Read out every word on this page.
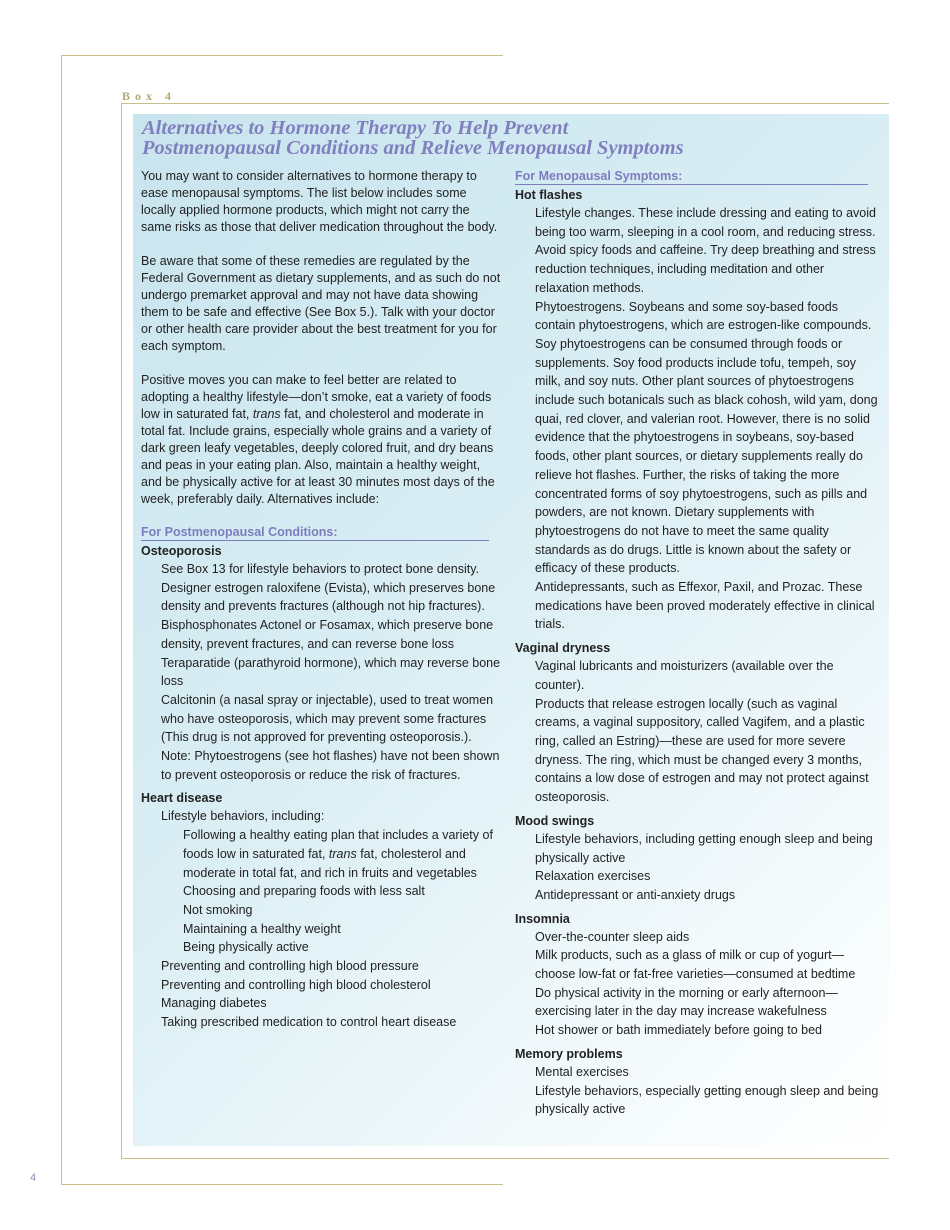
Box 4
Alternatives to Hormone Therapy To Help Prevent
Postmenopausal Conditions and Relieve Menopausal Symptoms

You may want to consider alternatives to hormone therapy to ease menopausal symptoms. The list below includes some locally applied hormone products, which might not carry the same risks as those that deliver medication throughout the body.

Be aware that some of these remedies are regulated by the Federal Government as dietary supplements, and as such do not undergo premarket approval and may not have data showing them to be safe and effective (See Box 5.). Talk with your doctor or other health care provider about the best treatment for you for each symptom.

Positive moves you can make to feel better are related to adopting a healthy lifestyle—don’t smoke, eat a variety of foods low in saturated fat, trans fat, and cholesterol and moderate in total fat. Include grains, especially whole grains and a variety of dark green leafy vegetables, deeply colored fruit, and dry beans and peas in your eating plan. Also, maintain a healthy weight, and be physically active for at least 30 minutes most days of the week, preferably daily. Alternatives include:

For Postmenopausal Conditions:
Osteoporosis
See Box 13 for lifestyle behaviors to protect bone density.
Designer estrogen raloxifene (Evista), which preserves bone density and prevents fractures (although not hip fractures).
Bisphosphonates Actonel or Fosamax, which preserve bone density, prevent fractures, and can reverse bone loss
Teraparatide (parathyroid hormone), which may reverse bone loss
Calcitonin (a nasal spray or injectable), used to treat women who have osteoporosis, which may prevent some fractures (This drug is not approved for preventing osteoporosis.).
Note: Phytoestrogens (see hot flashes) have not been shown to prevent osteoporosis or reduce the risk of fractures.
Heart disease
Lifestyle behaviors, including:
Following a healthy eating plan that includes a variety of foods low in saturated fat, trans fat, cholesterol and moderate in total fat, and rich in fruits and vegetables
Choosing and preparing foods with less salt
Not smoking
Maintaining a healthy weight
Being physically active
Preventing and controlling high blood pressure
Preventing and controlling high blood cholesterol
Managing diabetes
Taking prescribed medication to control heart disease
For Menopausal Symptoms:
Hot flashes
Lifestyle changes. These include dressing and eating to avoid being too warm, sleeping in a cool room, and reducing stress. Avoid spicy foods and caffeine. Try deep breathing and stress reduction techniques, including meditation and other relaxation methods.
Phytoestrogens. Soybeans and some soy-based foods contain phytoestrogens, which are estrogen-like compounds. Soy phytoestrogens can be consumed through foods or supplements. Soy food products include tofu, tempeh, soy milk, and soy nuts. Other plant sources of phytoestrogens include such botanicals such as black cohosh, wild yam, dong quai, red clover, and valerian root. However, there is no solid evidence that the phytoestrogens in soybeans, soy-based foods, other plant sources, or dietary supplements really do relieve hot flashes. Further, the risks of taking the more concentrated forms of soy phytoestrogens, such as pills and powders, are not known. Dietary supplements with phytoestrogens do not have to meet the same quality standards as do drugs. Little is known about the safety or efficacy of these products.
Antidepressants, such as Effexor, Paxil, and Prozac. These medications have been proved moderately effective in clinical trials.
Vaginal dryness
Vaginal lubricants and moisturizers (available over the counter).
Products that release estrogen locally (such as vaginal creams, a vaginal suppository, called Vagifem, and a plastic ring, called an Estring)—these are used for more severe dryness. The ring, which must be changed every 3 months, contains a low dose of estrogen and may not protect against osteoporosis.
Mood swings
Lifestyle behaviors, including getting enough sleep and being physically active
Relaxation exercises
Antidepressant or anti-anxiety drugs
Insomnia
Over-the-counter sleep aids
Milk products, such as a glass of milk or cup of yogurt—choose low-fat or fat-free varieties—consumed at bedtime
Do physical activity in the morning or early afternoon—exercising later in the day may increase wakefulness
Hot shower or bath immediately before going to bed
Memory problems
Mental exercises
Lifestyle behaviors, especially getting enough sleep and being physically active
4
